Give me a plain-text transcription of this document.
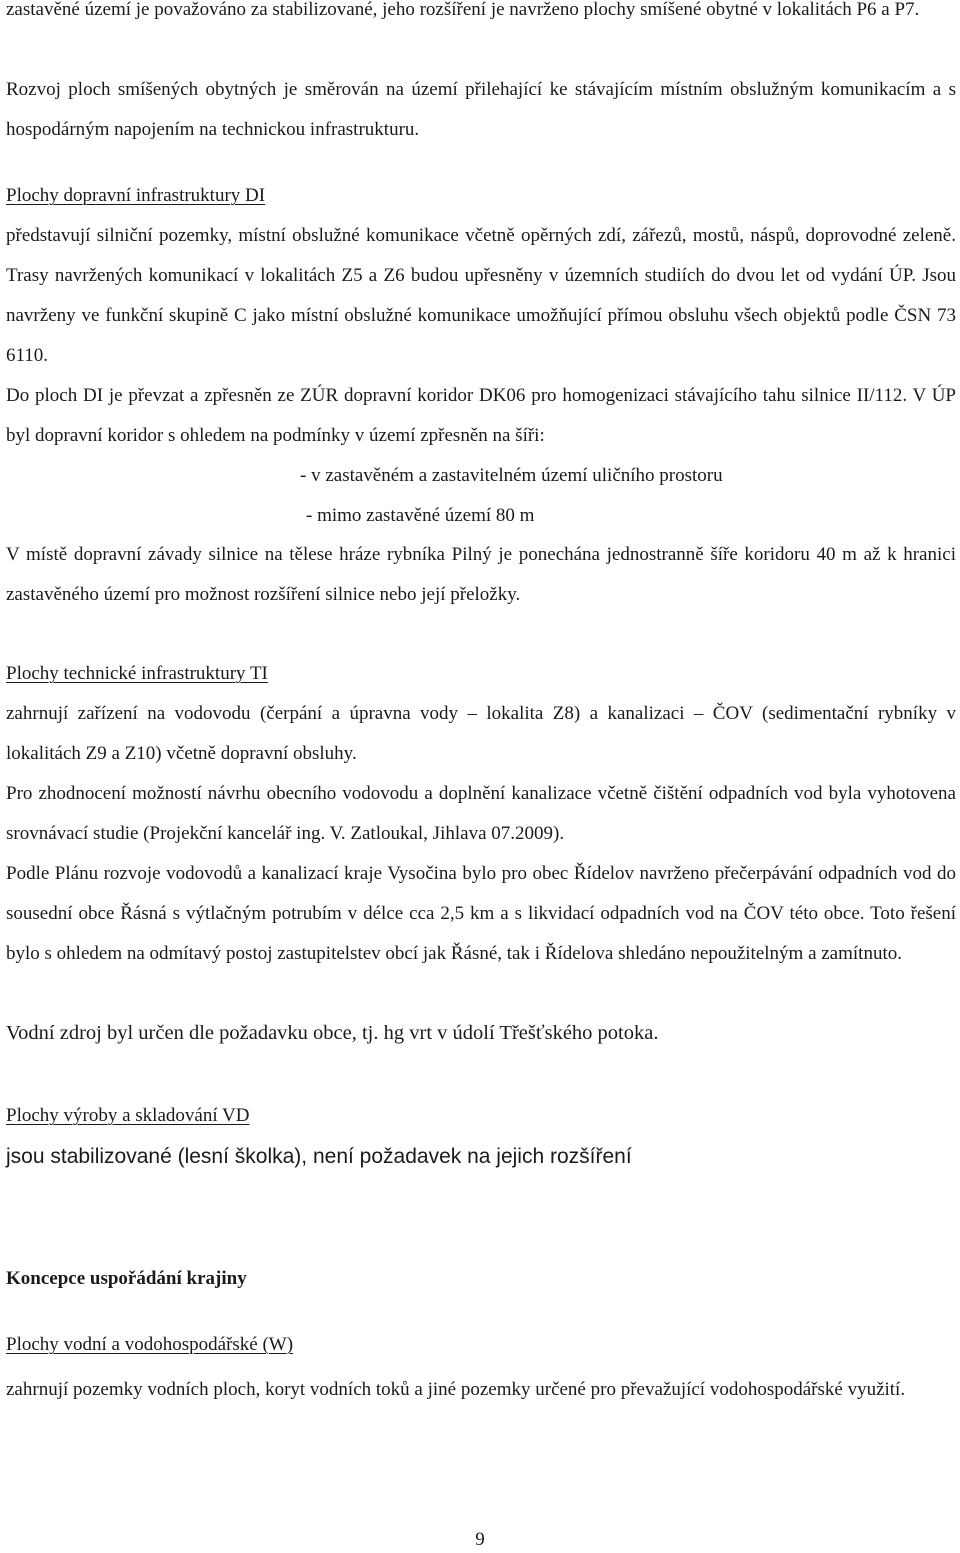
zastavěné území je považováno za stabilizované, jeho rozšíření je navrženo plochy smíšené obytné v lokalitách P6 a P7.

Rozvoj ploch smíšených obytných je směrován na území přilehající ke stávajícím místním obslužným komunikacím a s hospodárným napojením na technickou infrastrukturu.

Plochy dopravní infrastruktury DI

představují silniční pozemky, místní obslužné komunikace včetně opěrných zdí, zářezů, mostů, náspů, doprovodné zeleně. Trasy navržených komunikací v lokalitách Z5 a Z6 budou upřesněny v územních studiích do dvou let od vydání ÚP. Jsou navrženy ve funkční skupině C jako místní obslužné komunikace umožňující přímou obsluhu všech objektů podle ČSN 73 6110.

Do ploch DI je převzat a zpřesněn ze ZÚR dopravní koridor DK06 pro homogenizaci stávajícího tahu silnice II/112. V ÚP byl dopravní koridor s ohledem na podmínky v území zpřesněn na šíři:

- v zastavěném a zastavitelném území uličního prostoru

- mimo zastavěné území 80 m

V místě dopravní závady silnice na tělese hráze rybníka Pilný je ponechána jednostranně šíře koridoru 40 m až k hranici zastavěného území pro možnost rozšíření silnice nebo její přeložky.

Plochy technické infrastruktury TI

zahrnují zařízení na vodovodu (čerpání a úpravna vody – lokalita Z8) a kanalizaci – ČOV (sedimentační rybníky v lokalitách Z9 a Z10) včetně dopravní obsluhy.

Pro zhodnocení možností návrhu obecního vodovodu a doplnění kanalizace včetně čištění odpadních vod byla vyhotovena srovnávací studie (Projekční kancelář ing. V. Zatloukal, Jihlava 07.2009).

Podle Plánu rozvoje vodovodů a kanalizací kraje Vysočina bylo pro obec Řídelov navrženo přečerpávání odpadních vod do sousední obce Řásná s výtlačným potrubím v délce cca 2,5 km a s likvidací odpadních vod na ČOV této obce. Toto řešení bylo s ohledem na odmítavý postoj zastupitelstev obcí jak Řásné, tak i Řídelova shledáno nepoužitelným a zamítnuto.

Vodní zdroj byl určen dle požadavku obce, tj. hg vrt v údolí Třešťského potoka.

Plochy výroby a skladování VD

jsou stabilizované (lesní školka), není požadavek na jejich rozšíření

Koncepce uspořádání krajiny

Plochy vodní a vodohospodářské (W)

zahrnují pozemky vodních ploch, koryt vodních toků a jiné pozemky určené pro převažující vodohospodářské využití.

9
